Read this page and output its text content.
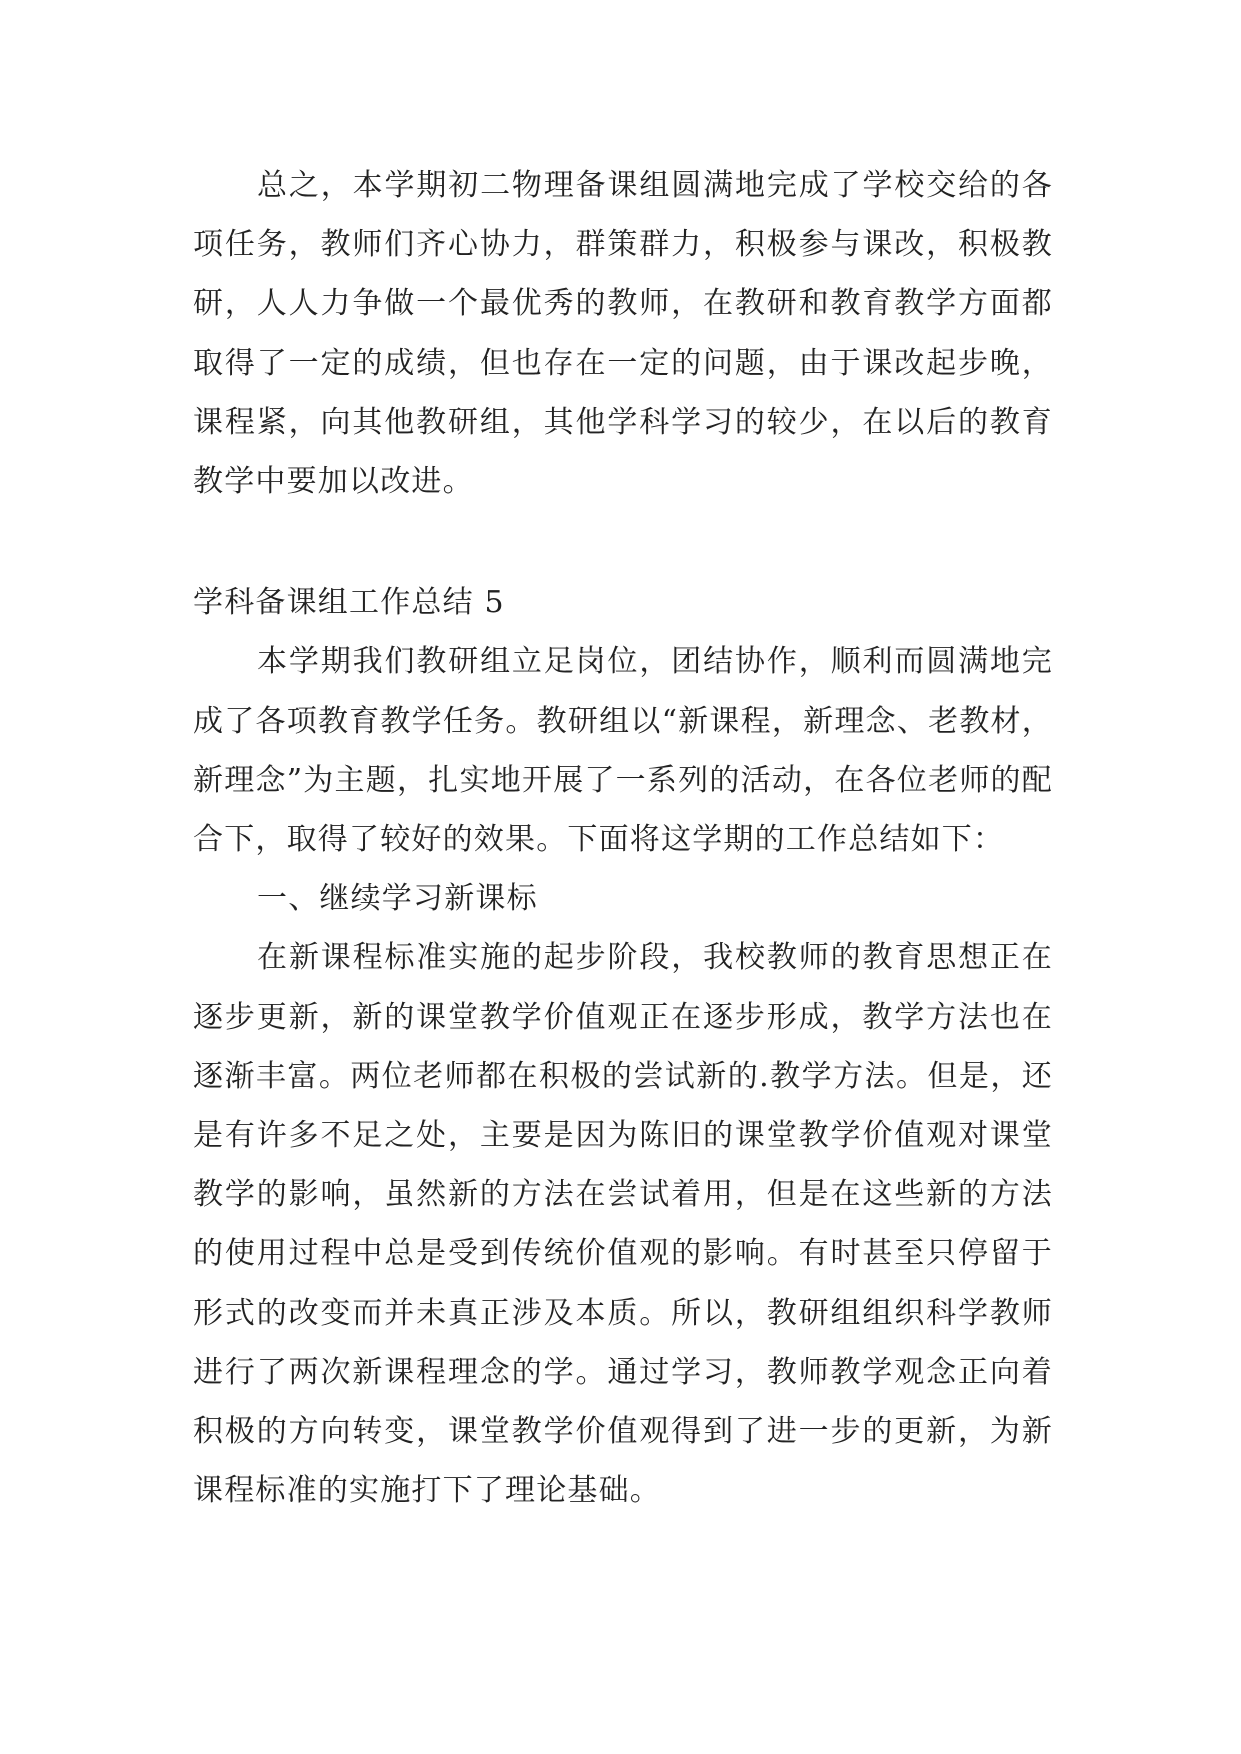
总之，本学期初二物理备课组圆满地完成了学校交给的各项任务，教师们齐心协力，群策群力，积极参与课改，积极教研，人人力争做一个最优秀的教师，在教研和教育教学方面都取得了一定的成绩，但也存在一定的问题，由于课改起步晚，课程紧，向其他教研组，其他学科学习的较少，在以后的教育教学中要加以改进。

学科备课组工作总结 5

本学期我们教研组立足岗位，团结协作，顺利而圆满地完成了各项教育教学任务。教研组以“新课程，新理念、老教材，新理念”为主题，扎实地开展了一系列的活动，在各位老师的配合下，取得了较好的效果。下面将这学期的工作总结如下：

一、继续学习新课标

在新课程标准实施的起步阶段，我校教师的教育思想正在逐步更新，新的课堂教学价值观正在逐步形成，教学方法也在逐渐丰富。两位老师都在积极的尝试新的.教学方法。但是，还是有许多不足之处，主要是因为陈旧的课堂教学价值观对课堂教学的影响，虽然新的方法在尝试着用，但是在这些新的方法的使用过程中总是受到传统价值观的影响。有时甚至只停留于形式的改变而并未真正涉及本质。所以，教研组组织科学教师进行了两次新课程理念的学。通过学习，教师教学观念正向着积极的方向转变，课堂教学价值观得到了进一步的更新，为新课程标准的实施打下了理论基础。
